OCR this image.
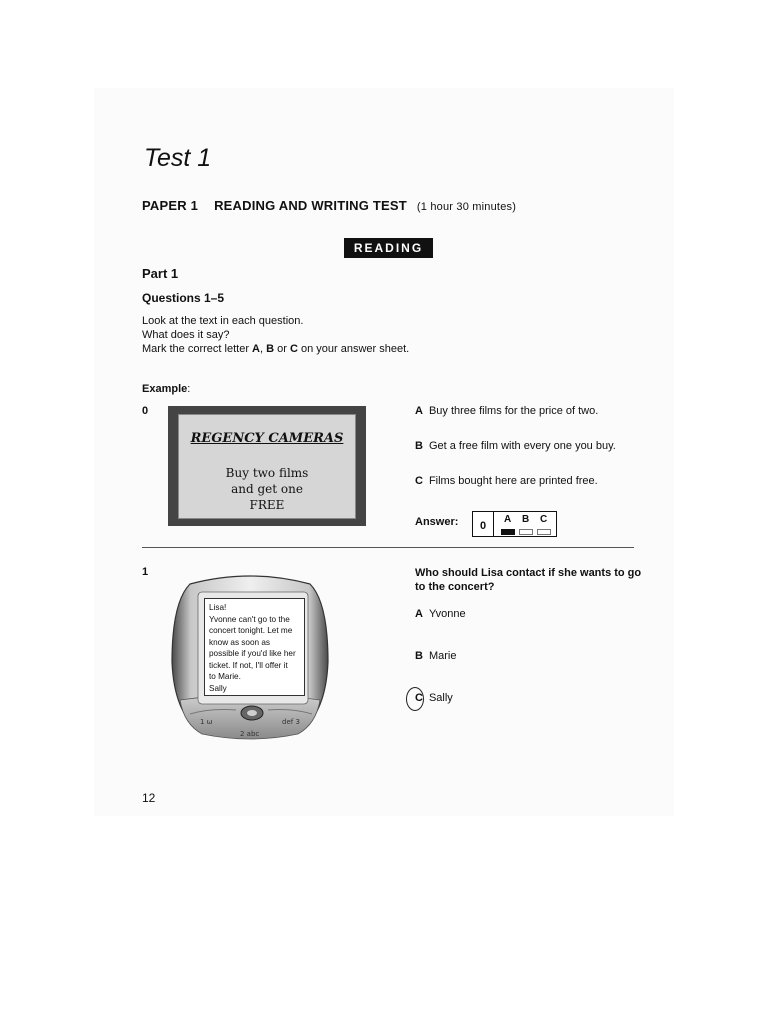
Test 1
PAPER 1 READING AND WRITING TEST (1 hour 30 minutes)
READING
Part 1
Questions 1–5
Look at the text in each question.
What does it say?
Mark the correct letter A, B or C on your answer sheet.
Example:
0
REGENCY CAMERAS
Buy two films
and get one
FREE
A Buy three films for the price of two.
B Get a free film with every one you buy.
C Films bought here are printed free.
Answer:	0
A B C
1
1 ω
2 abc
def 3
Lisa!
Yvonne can't go to the
concert tonight. Let me
know as soon as
possible if you'd like her
ticket. If not, I'll offer it
to Marie.
Sally
Who should Lisa contact if she wants to go to the concert?
A Yvonne
B Marie
C Sally
12
